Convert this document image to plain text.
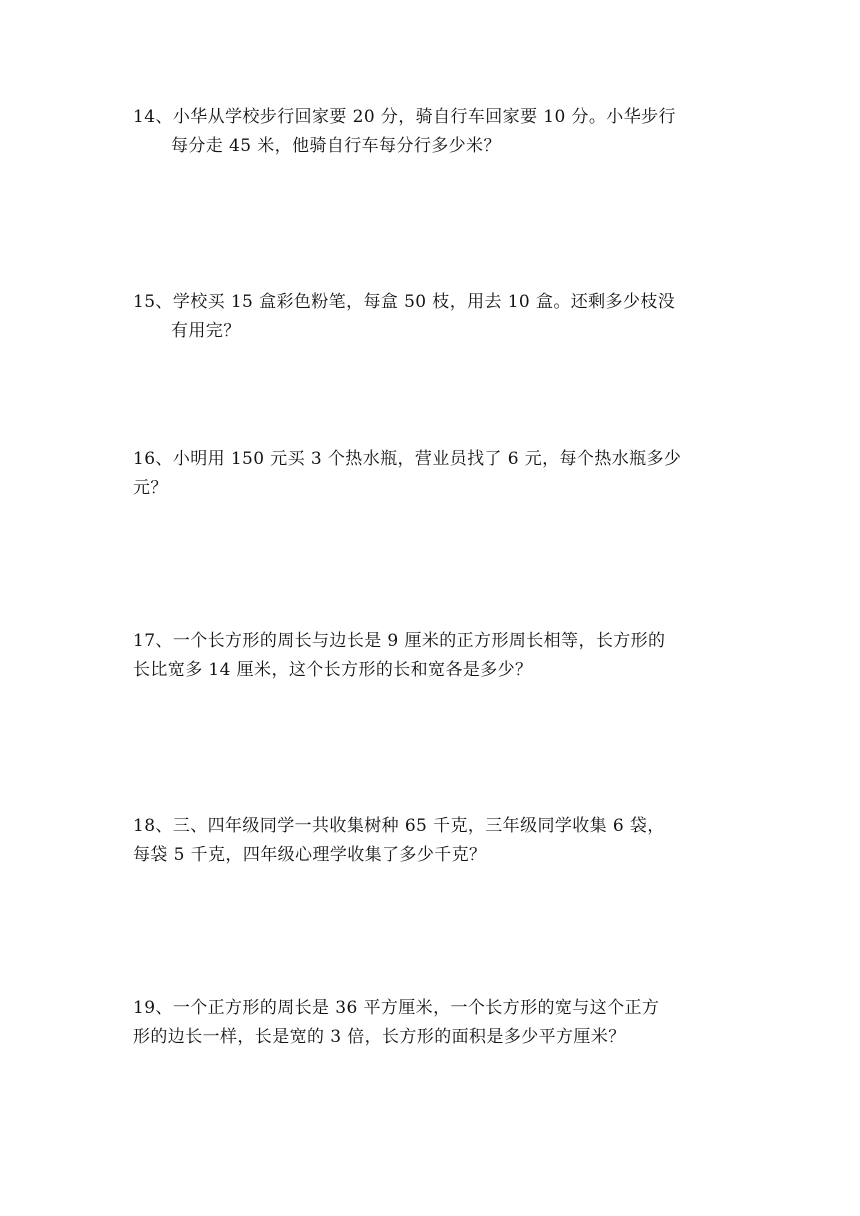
14、小华从学校步行回家要 20 分，骑自行车回家要 10 分。小华步行
每分走 45 米，他骑自行车每分行多少米？
15、学校买 15 盒彩色粉笔，每盒 50 枝，用去 10 盒。还剩多少枝没
有用完？
16、小明用 150 元买 3 个热水瓶，营业员找了 6 元，每个热水瓶多少
元？
17、一个长方形的周长与边长是 9 厘米的正方形周长相等，长方形的
长比宽多 14 厘米，这个长方形的长和宽各是多少？
18、三、四年级同学一共收集树种 65 千克，三年级同学收集 6 袋，
每袋 5 千克，四年级心理学收集了多少千克？
19、一个正方形的周长是 36 平方厘米，一个长方形的宽与这个正方
形的边长一样，长是宽的 3 倍，长方形的面积是多少平方厘米？
